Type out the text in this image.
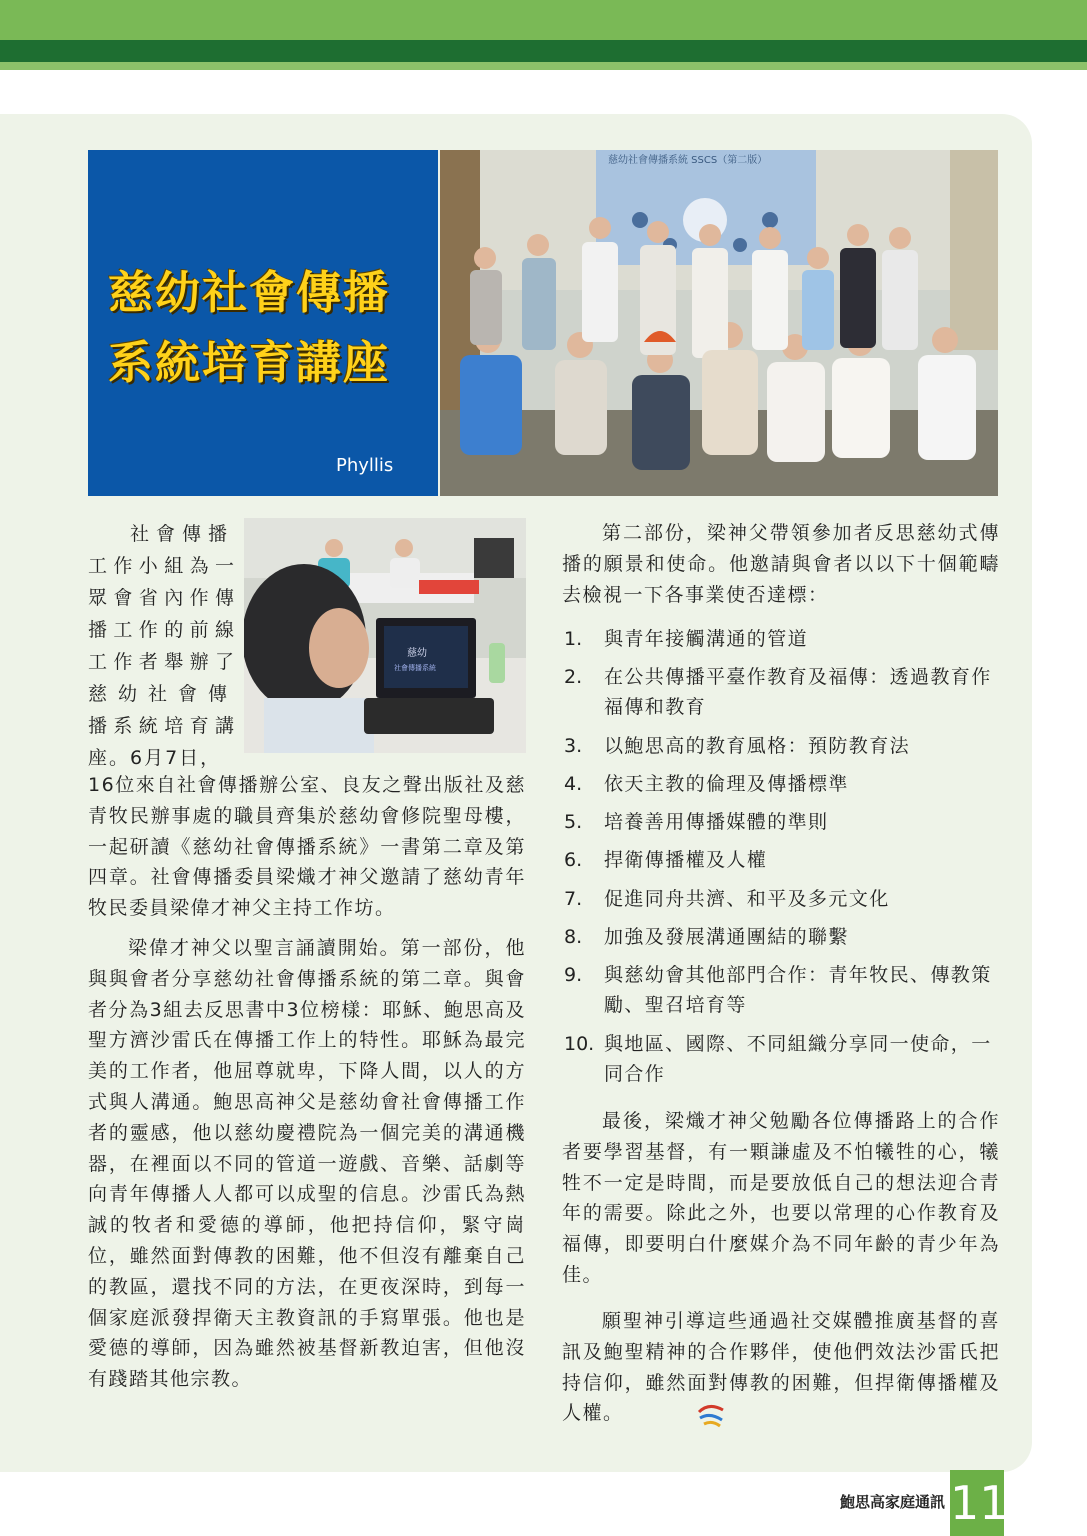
慈幼社會傳播
系統培育講座
Phyllis
慈幼社會傳播系統 SSCS（第二版）
慈幼
社會傳播系統
社會傳播
工作小組為一
眾會省內作傳
播工作的前線
工作者舉辦了
慈幼社會傳
播系統培育講
座。6月7日，

16位來自社會傳播辦公室、良友之聲出版社及慈青牧民辦事處的職員齊集於慈幼會修院聖母樓，一起研讀《慈幼社會傳播系統》一書第二章及第四章。社會傳播委員梁熾才神父邀請了慈幼青年牧民委員梁偉才神父主持工作坊。

梁偉才神父以聖言誦讀開始。第一部份，他與與會者分享慈幼社會傳播系統的第二章。與會者分為3組去反思書中3位榜樣：耶穌、鮑思高及聖方濟沙雷氏在傳播工作上的特性。耶穌為最完美的工作者，他屈尊就卑，下降人間，以人的方式與人溝通。鮑思高神父是慈幼會社會傳播工作者的靈感，他以慈幼慶禮院為一個完美的溝通機器，在裡面以不同的管道一遊戲、音樂、話劇等向青年傳播人人都可以成聖的信息。沙雷氏為熱誠的牧者和愛德的導師，他把持信仰，緊守崗位，雖然面對傳教的困難，他不但沒有離棄自己的教區，還找不同的方法，在更夜深時，到每一個家庭派發捍衛天主教資訊的手寫單張。他也是愛德的導師，因為雖然被基督新教迫害，但他沒有踐踏其他宗教。

第二部份，梁神父帶領參加者反思慈幼式傳播的願景和使命。他邀請與會者以以下十個範疇去檢視一下各事業使否達標：

1. 與青年接觸溝通的管道
2. 在公共傳播平臺作教育及福傳：透過教育作福傳和教育
3. 以鮑思高的教育風格：預防教育法
4. 依天主教的倫理及傳播標準
5. 培養善用傳播媒體的準則
6. 捍衛傳播權及人權
7. 促進同舟共濟、和平及多元文化
8. 加強及發展溝通團結的聯繫
9. 與慈幼會其他部門合作：青年牧民、傳教策勵、聖召培育等
10. 與地區、國際、不同組織分享同一使命，一同合作

最後，梁熾才神父勉勵各位傳播路上的合作者要學習基督，有一顆謙虛及不怕犧牲的心，犧牲不一定是時間，而是要放低自己的想法迎合青年的需要。除此之外，也要以常理的心作教育及福傳，即要明白什麼媒介為不同年齡的青少年為佳。

願聖神引導這些通過社交媒體推廣基督的喜訊及鮑聖精神的合作夥伴，使他們效法沙雷氏把持信仰，雖然面對傳教的困難，但捍衛傳播權及人權。

鮑思高家庭通訊 11
